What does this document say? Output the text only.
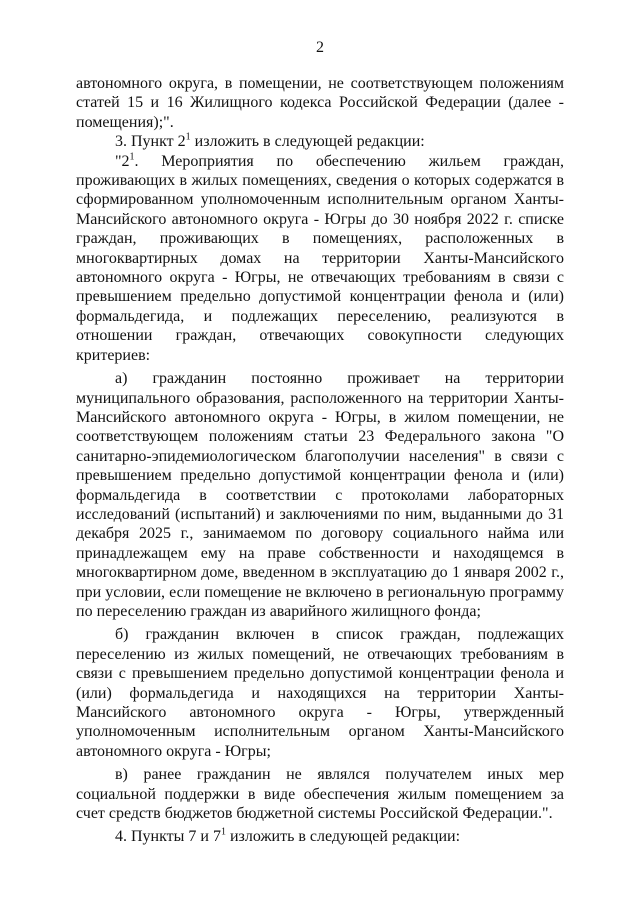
2

автономного округа, в помещении, не соответствующем положениям статей 15 и 16 Жилищного кодекса Российской Федерации (далее - помещения);".

3. Пункт $2^1$ изложить в следующей редакции:

"$2^1$. Мероприятия по обеспечению жильем граждан, проживающих в жилых помещениях, сведения о которых содержатся в сформированном уполномоченным исполнительным органом Ханты-Мансийского автономного округа - Югры до 30 ноября 2022 г. списке граждан, проживающих в помещениях, расположенных в многоквартирных домах на территории Ханты-Мансийского автономного округа - Югры, не отвечающих требованиям в связи с превышением предельно допустимой концентрации фенола и (или) формальдегида, и подлежащих переселению, реализуются в отношении граждан, отвечающих совокупности следующих критериев:

а) гражданин постоянно проживает на территории муниципального образования, расположенного на территории Ханты-Мансийского автономного округа - Югры, в жилом помещении, не соответствующем положениям статьи 23 Федерального закона "О санитарно-эпидемиологическом благополучии населения" в связи с превышением предельно допустимой концентрации фенола и (или) формальдегида в соответствии с протоколами лабораторных исследований (испытаний) и заключениями по ним, выданными до 31 декабря 2025 г., занимаемом по договору социального найма или принадлежащем ему на праве собственности и находящемся в многоквартирном доме, введенном в эксплуатацию до 1 января 2002 г., при условии, если помещение не включено в региональную программу по переселению граждан из аварийного жилищного фонда;

б) гражданин включен в список граждан, подлежащих переселению из жилых помещений, не отвечающих требованиям в связи с превышением предельно допустимой концентрации фенола и (или) формальдегида и находящихся на территории Ханты-Мансийского автономного округа - Югры, утвержденный уполномоченным исполнительным органом Ханты-Мансийского автономного округа - Югры;

в) ранее гражданин не являлся получателем иных мер социальной поддержки в виде обеспечения жилым помещением за счет средств бюджетов бюджетной системы Российской Федерации.".

4. Пункты 7 и $7^1$ изложить в следующей редакции:
